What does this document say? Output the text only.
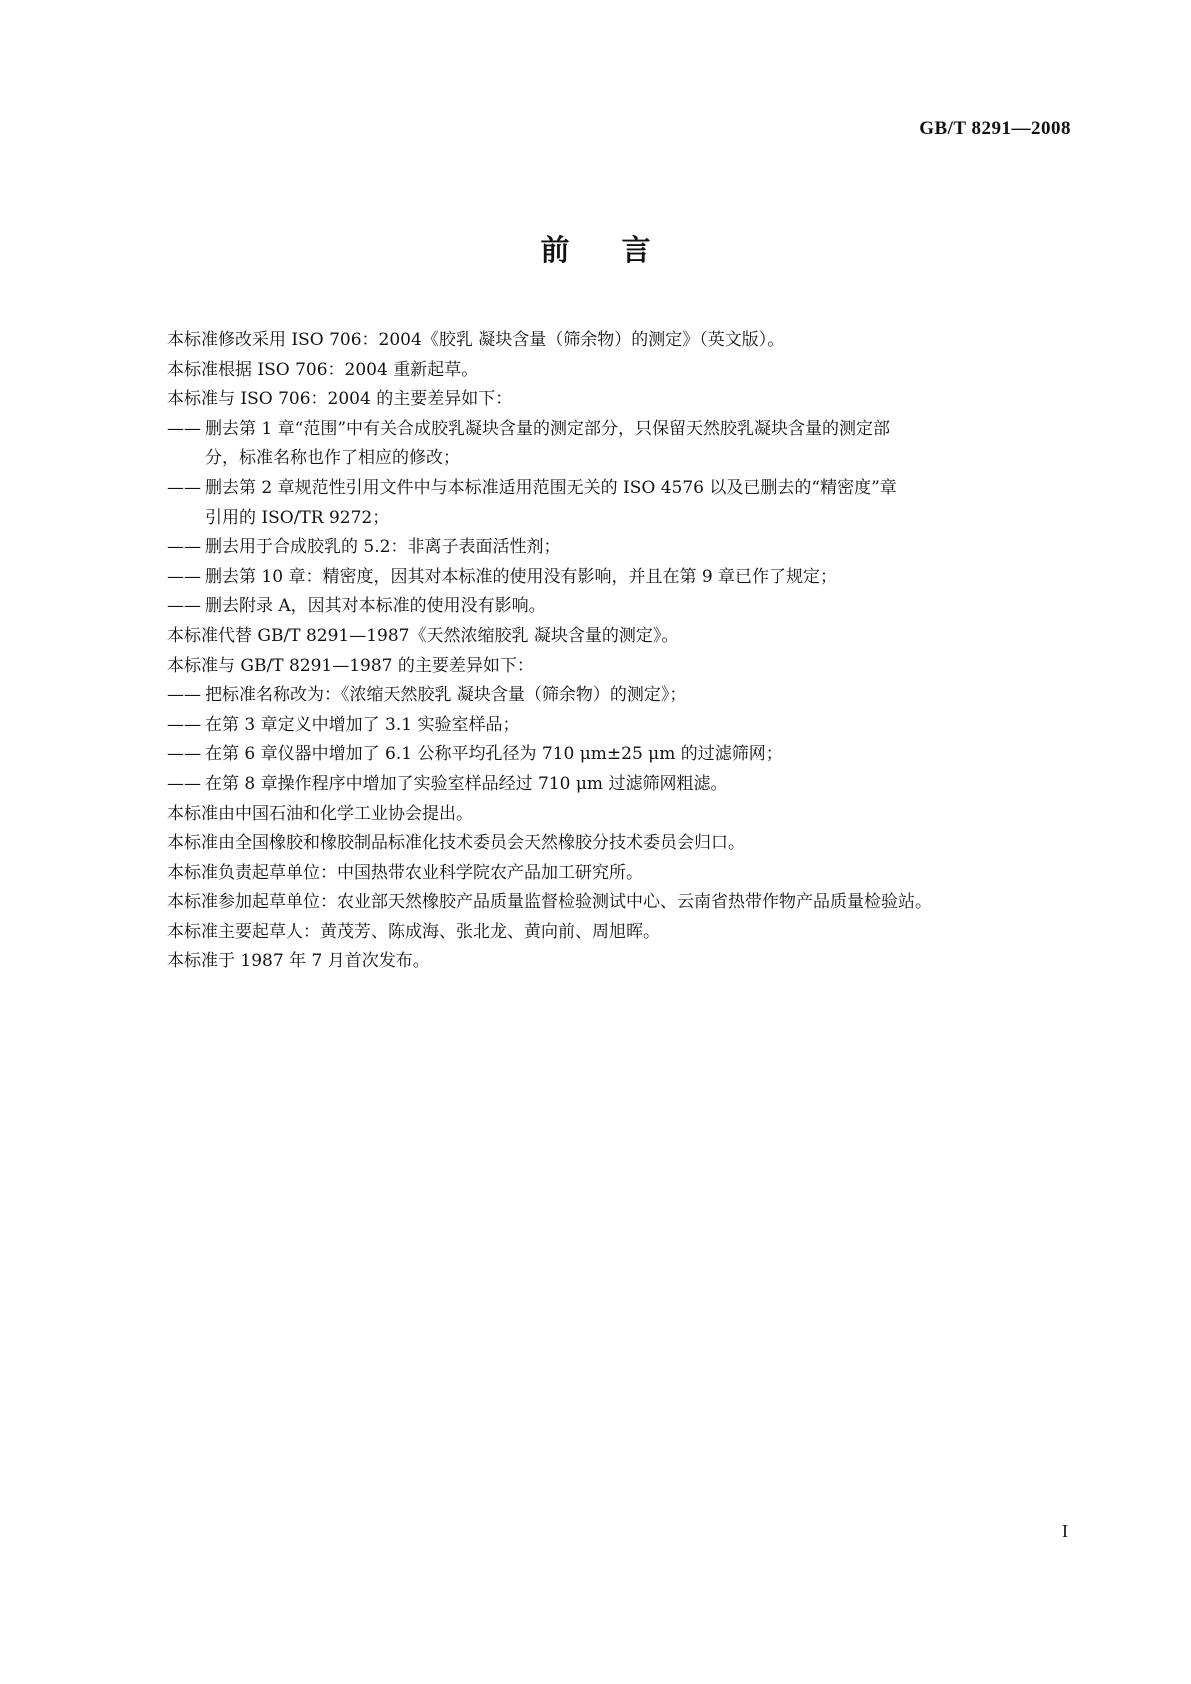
GB/T 8291—2008
前言

本标准修改采用 ISO 706：2004《胶乳 凝块含量（筛余物）的测定》（英文版）。

本标准根据 ISO 706：2004 重新起草。

本标准与 ISO 706：2004 的主要差异如下：

—— 删去第 1 章“范围”中有关合成胶乳凝块含量的测定部分，只保留天然胶乳凝块含量的测定部
分，标准名称也作了相应的修改；
—— 删去第 2 章规范性引用文件中与本标准适用范围无关的 ISO 4576 以及已删去的“精密度”章
引用的 ISO/TR 9272；
—— 删去用于合成胶乳的 5.2：非离子表面活性剂；
—— 删去第 10 章：精密度，因其对本标准的使用没有影响，并且在第 9 章已作了规定；
—— 删去附录 A，因其对本标准的使用没有影响。

本标准代替 GB/T 8291—1987《天然浓缩胶乳 凝块含量的测定》。

本标准与 GB/T 8291—1987 的主要差异如下：

—— 把标准名称改为：《浓缩天然胶乳 凝块含量（筛余物）的测定》；
—— 在第 3 章定义中增加了 3.1 实验室样品；
—— 在第 6 章仪器中增加了 6.1 公称平均孔径为 710 μm±25 μm 的过滤筛网；
—— 在第 8 章操作程序中增加了实验室样品经过 710 μm 过滤筛网粗滤。

本标准由中国石油和化学工业协会提出。

本标准由全国橡胶和橡胶制品标准化技术委员会天然橡胶分技术委员会归口。

本标准负责起草单位：中国热带农业科学院农产品加工研究所。

本标准参加起草单位：农业部天然橡胶产品质量监督检验测试中心、云南省热带作物产品质量检验站。

本标准主要起草人：黄茂芳、陈成海、张北龙、黄向前、周旭晖。

本标准于 1987 年 7 月首次发布。

I
